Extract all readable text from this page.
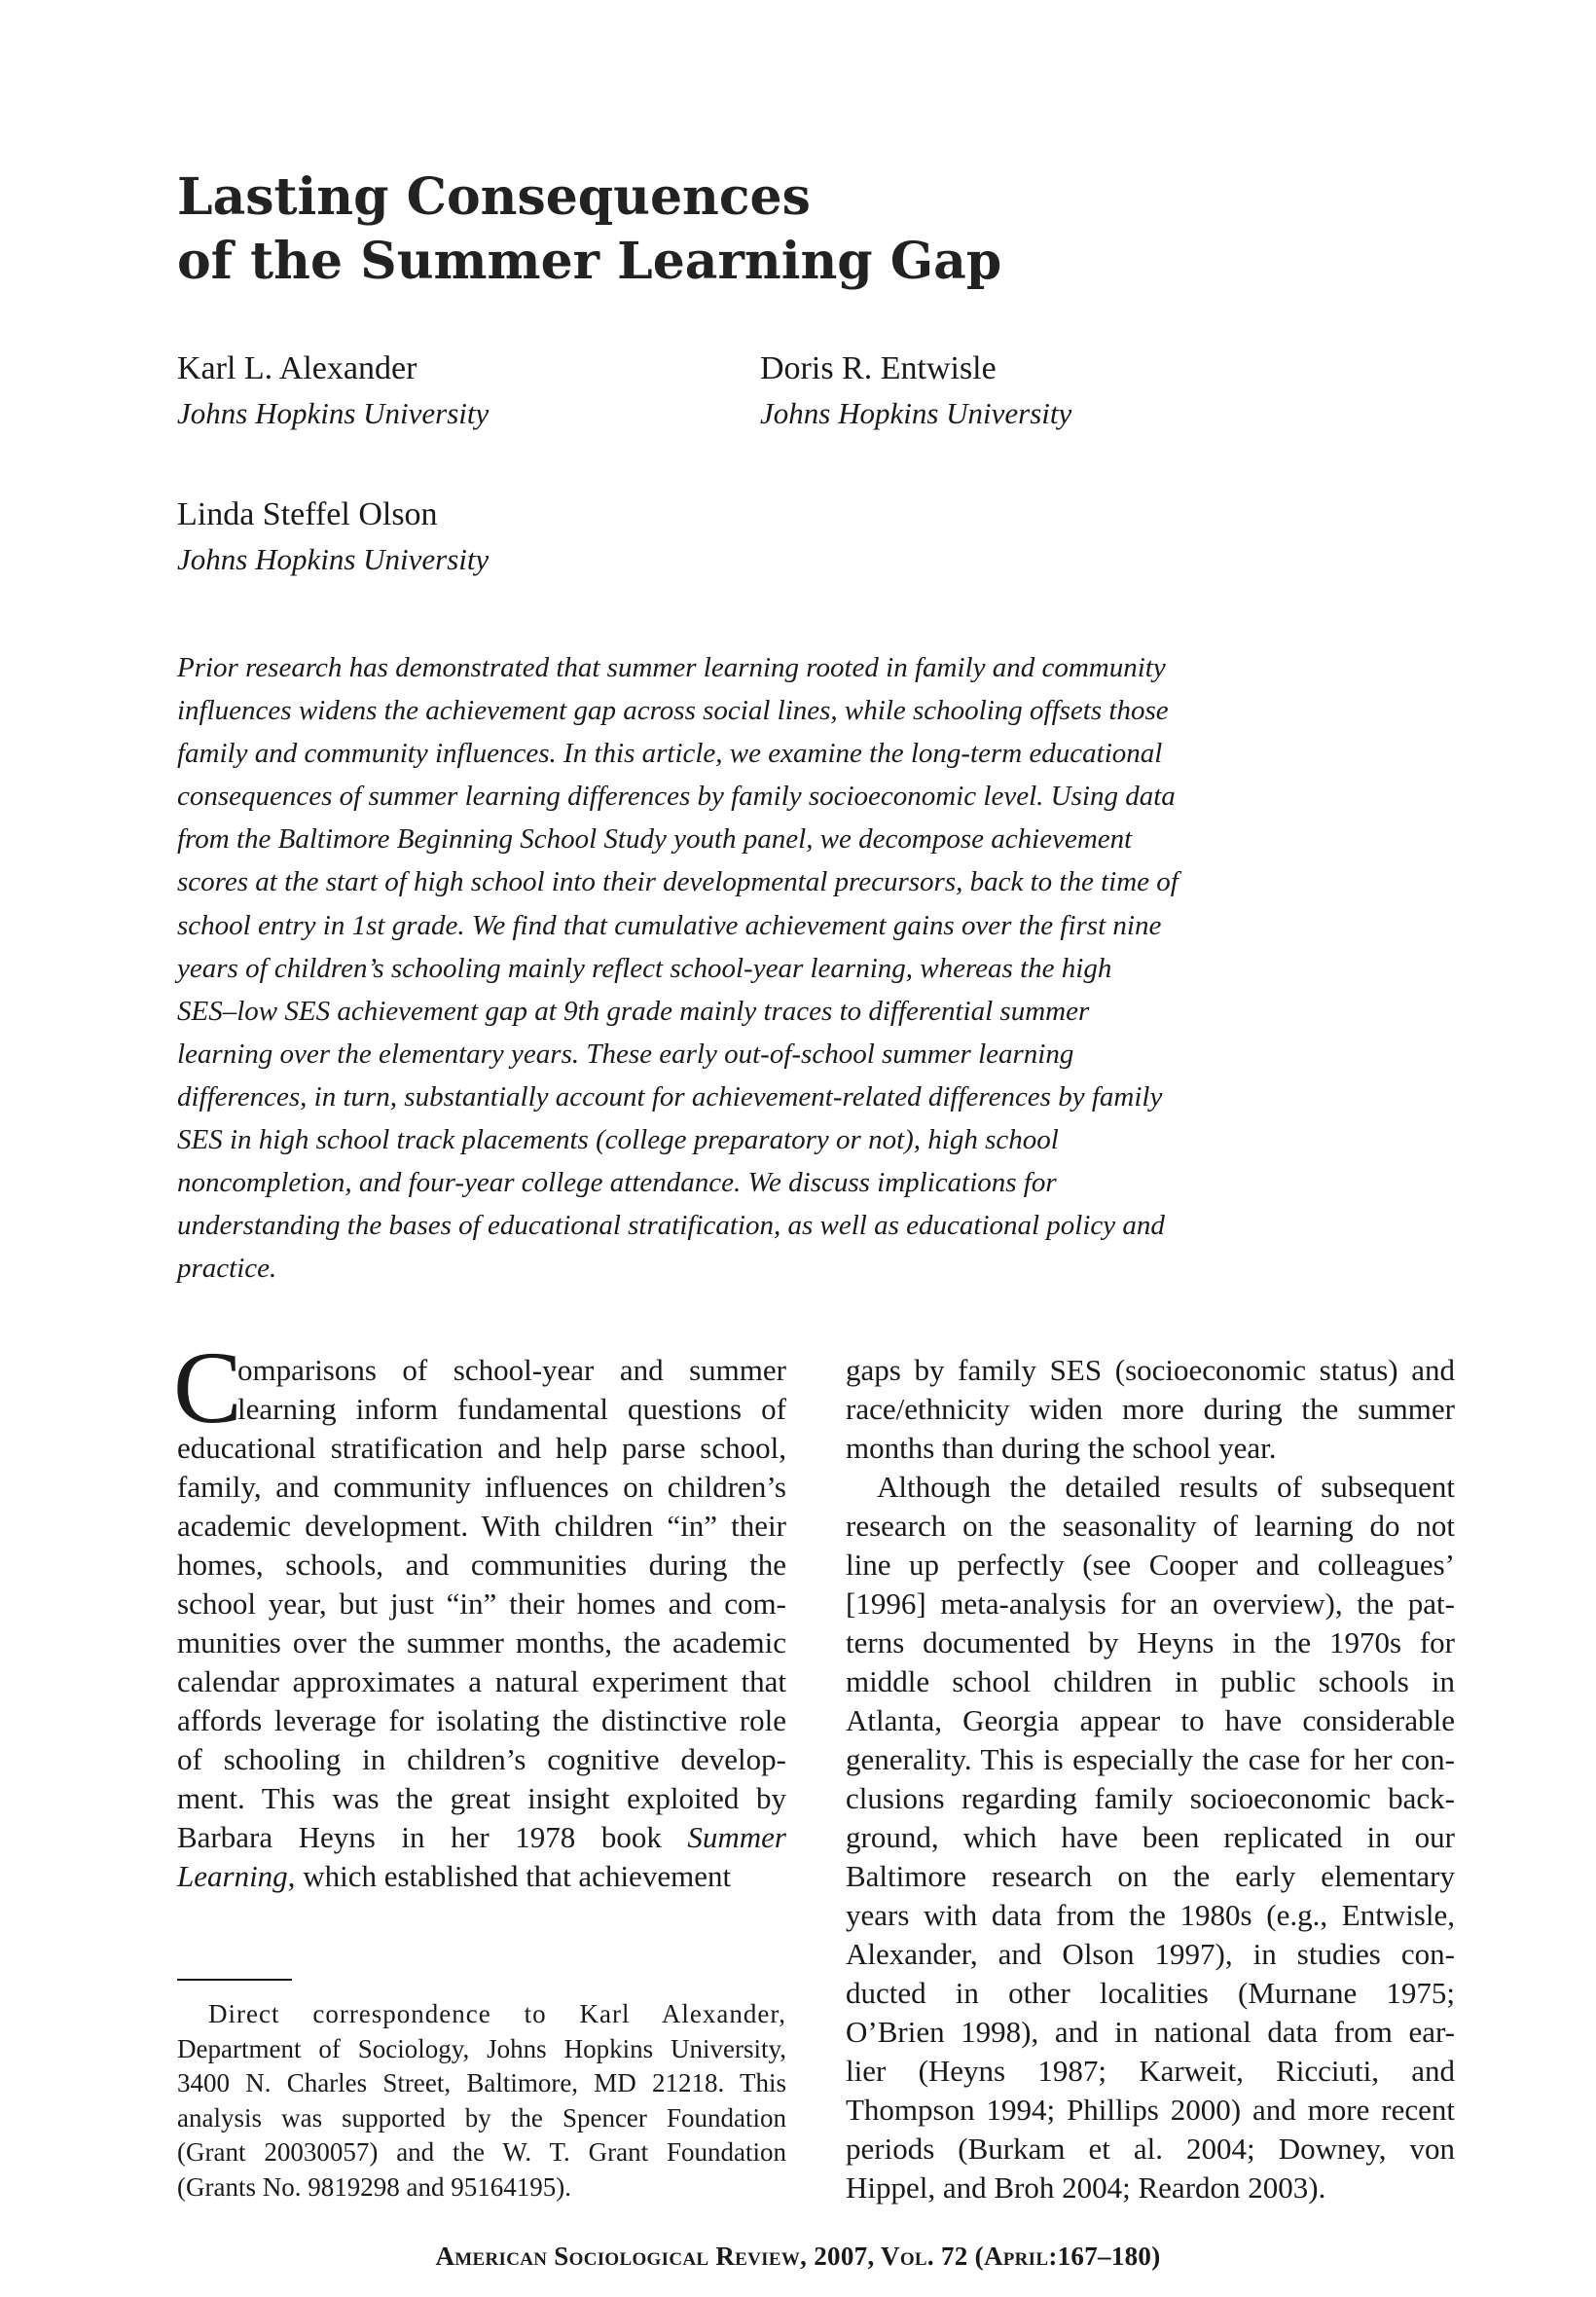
Lasting Consequences
of the Summer Learning Gap
Karl L. Alexander
Johns Hopkins University
Doris R. Entwisle
Johns Hopkins University
Linda Steffel Olson
Johns Hopkins University
Prior research has demonstrated that summer learning rooted in family and community
influences widens the achievement gap across social lines, while schooling offsets those
family and community influences. In this article, we examine the long-term educational
consequences of summer learning differences by family socioeconomic level. Using data
from the Baltimore Beginning School Study youth panel, we decompose achievement
scores at the start of high school into their developmental precursors, back to the time of
school entry in 1st grade. We find that cumulative achievement gains over the first nine
years of children’s schooling mainly reflect school-year learning, whereas the high
SES–low SES achievement gap at 9th grade mainly traces to differential summer
learning over the elementary years. These early out-of-school summer learning
differences, in turn, substantially account for achievement-related differences by family
SES in high school track placements (college preparatory or not), high school
noncompletion, and four-year college attendance. We discuss implications for
understanding the bases of educational stratification, as well as educational policy and
practice.
C
omparisons of school-year and summer
learning inform fundamental questions of
educational stratification and help parse school,
family, and community influences on children’s
academic development. With children “in” their
homes, schools, and communities during the
school year, but just “in” their homes and com-
munities over the summer months, the academic
calendar approximates a natural experiment that
affords leverage for isolating the distinctive role
of schooling in children’s cognitive develop-
ment. This was the great insight exploited by
Barbara Heyns in her 1978 book Summer
Learning, which established that achievement
gaps by family SES (socioeconomic status) and
race/ethnicity widen more during the summer
months than during the school year.
Although the detailed results of subsequent
research on the seasonality of learning do not
line up perfectly (see Cooper and colleagues’
[1996] meta-analysis for an overview), the pat-
terns documented by Heyns in the 1970s for
middle school children in public schools in
Atlanta, Georgia appear to have considerable
generality. This is especially the case for her con-
clusions regarding family socioeconomic back-
ground, which have been replicated in our
Baltimore research on the early elementary
years with data from the 1980s (e.g., Entwisle,
Alexander, and Olson 1997), in studies con-
ducted in other localities (Murnane 1975;
O’Brien 1998), and in national data from ear-
lier (Heyns 1987; Karweit, Ricciuti, and
Thompson 1994; Phillips 2000) and more recent
periods (Burkam et al. 2004; Downey, von
Hippel, and Broh 2004; Reardon 2003).
Direct correspondence to Karl Alexander,
Department of Sociology, Johns Hopkins University,
3400 N. Charles Street, Baltimore, MD 21218. This
analysis was supported by the Spencer Foundation
(Grant 20030057) and the W. T. Grant Foundation
(Grants No. 9819298 and 95164195).
American Sociological Review, 2007, Vol. 72 (April:167–180)
